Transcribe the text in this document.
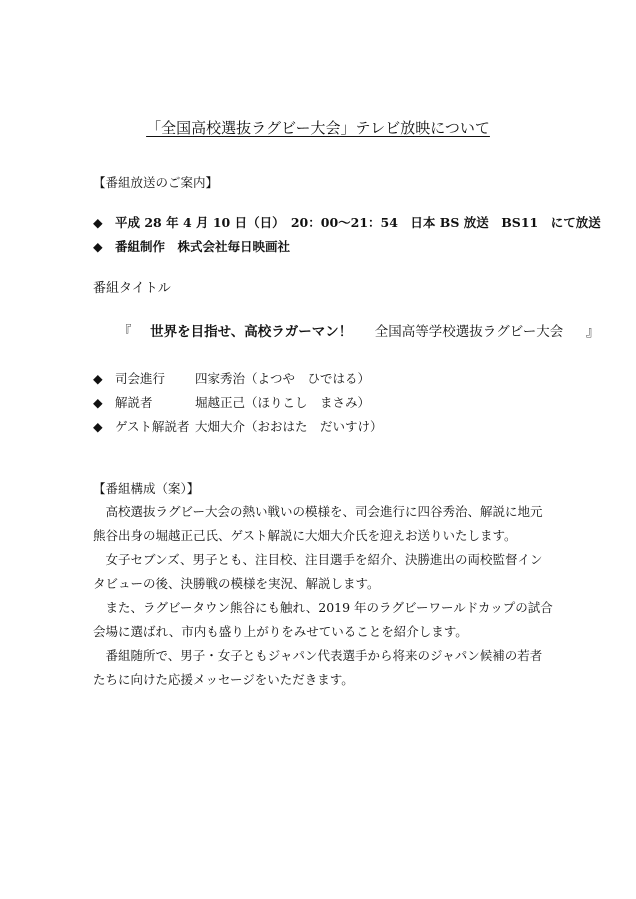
「全国高校選抜ラグビー大会」テレビ放映について
【番組放送のご案内】
◆ 平成 28 年 4 月 10 日（日）　20：00〜21：54　日本 BS 放送　BS11　にて放送
◆ 番組制作　株式会社毎日映画社
番組タイトル
『 世界を目指せ、高校ラガーマン！ 全国高等学校選抜ラグビー大会 』
◆ 司会進行 四家秀治（よつや　ひではる）
◆ 解説者	堀越正己（ほりこし　まさみ）
◆ ゲスト解説者 大畑大介（おおはた　だいすけ）
【番組構成（案）】
高校選抜ラグビー大会の熱い戦いの模様を、司会進行に四谷秀治、解説に地元熊谷出身の堀越正己氏、ゲスト解説に大畑大介氏を迎えお送りいたします。
女子セブンズ、男子とも、注目校、注目選手を紹介、決勝進出の両校監督インタビューの後、決勝戦の模様を実況、解説します。
また、ラグビータウン熊谷にも触れ、2019 年のラグビーワールドカップの試合会場に選ばれ、市内も盛り上がりをみせていることを紹介します。
番組随所で、男子・女子ともジャパン代表選手から将来のジャパン候補の若者たちに向けた応援メッセージをいただきます。
